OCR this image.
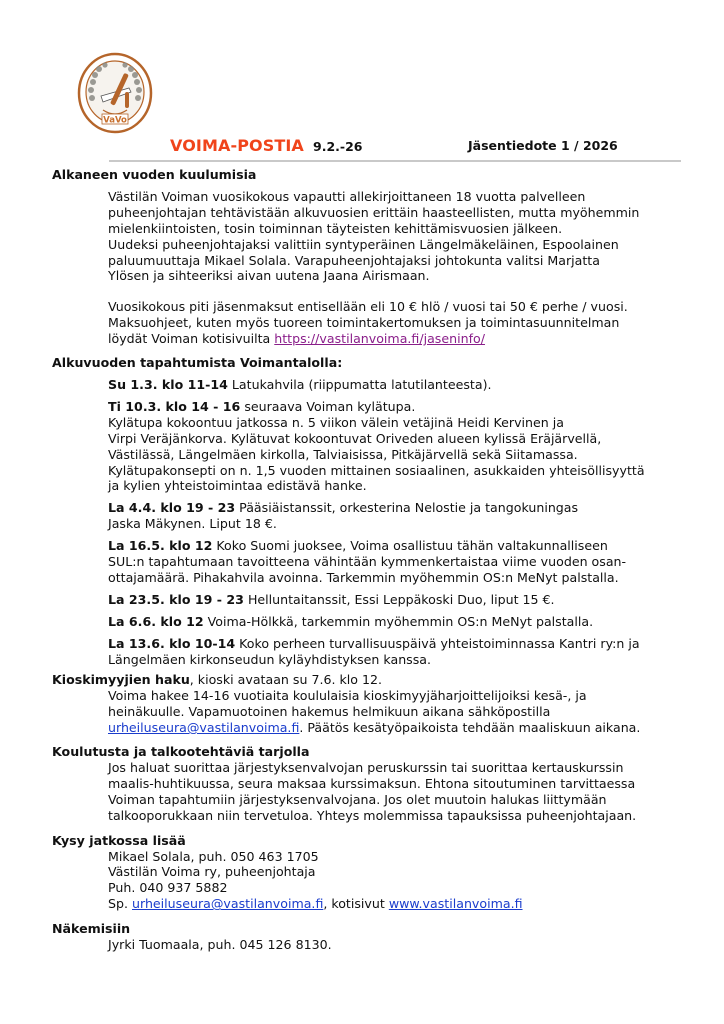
VaVo
VOIMA-POSTIA 9.2.-26	Jäsentiedote 1 / 2026

Alkaneen vuoden kuulumisia

Västilän Voiman vuosikokous vapautti allekirjoittaneen 18 vuotta palvelleen

puheenjohtajan tehtävistään alkuvuosien erittäin haasteellisten, mutta myöhemmin

mielenkiintoisten, tosin toiminnan täyteisten kehittämisvuosien jälkeen.

Uudeksi puheenjohtajaksi valittiin syntyperäinen Längelmäkeläinen, Espoolainen

paluumuuttaja Mikael Solala. Varapuheenjohtajaksi johtokunta valitsi Marjatta

Ylösen ja sihteeriksi aivan uutena Jaana Airismaan.

Vuosikokous piti jäsenmaksut entisellään eli 10 € hlö / vuosi tai 50 € perhe / vuosi.

Maksuohjeet, kuten myös tuoreen toimintakertomuksen ja toimintasuunnitelman

löydät Voiman kotisivuilta https://vastilanvoima.fi/jaseninfo/

Alkuvuoden tapahtumista Voimantalolla:

Su 1.3. klo 11-14 Latukahvila (riippumatta latutilanteesta).

Ti 10.3. klo 14 - 16 seuraava Voiman kylätupa.

Kylätupa kokoontuu jatkossa n. 5 viikon välein vetäjinä Heidi Kervinen ja

Virpi Veräjänkorva. Kylätuvat kokoontuvat Oriveden alueen kylissä Eräjärvellä,

Västilässä, Längelmäen kirkolla, Talviaisissa, Pitkäjärvellä sekä Siitamassa.

Kylätupakonsepti on n. 1,5 vuoden mittainen sosiaalinen, asukkaiden yhteisöllisyyttä

ja kylien yhteistoimintaa edistävä hanke.

La 4.4. klo 19 - 23 Pääsiäistanssit, orkesterina Nelostie ja tangokuningas

Jaska Mäkynen. Liput 18 €.

La 16.5. klo 12 Koko Suomi juoksee, Voima osallistuu tähän valtakunnalliseen

SUL:n tapahtumaan tavoitteena vähintään kymmenkertaistaa viime vuoden osan-

ottajamäärä. Pihakahvila avoinna. Tarkemmin myöhemmin OS:n MeNyt palstalla.

La 23.5. klo 19 - 23 Helluntaitanssit, Essi Leppäkoski Duo, liput 15 €.

La 6.6. klo 12 Voima-Hölkkä, tarkemmin myöhemmin OS:n MeNyt palstalla.

La 13.6. klo 10-14 Koko perheen turvallisuuspäivä yhteistoiminnassa Kantri ry:n ja

Längelmäen kirkonseudun kyläyhdistyksen kanssa.

Kioskimyyjien haku, kioski avataan su 7.6. klo 12.

Voima hakee 14-16 vuotiaita koululaisia kioskimyyjäharjoittelijoiksi kesä-, ja

heinäkuulle. Vapamuotoinen hakemus helmikuun aikana sähköpostilla

urheiluseura@vastilanvoima.fi. Päätös kesätyöpaikoista tehdään maaliskuun aikana.

Koulutusta ja talkootehtäviä tarjolla

Jos haluat suorittaa järjestyksenvalvojan peruskurssin tai suorittaa kertauskurssin

maalis-huhtikuussa, seura maksaa kurssimaksun. Ehtona sitoutuminen tarvittaessa

Voiman tapahtumiin järjestyksenvalvojana. Jos olet muutoin halukas liittymään

talkooporukkaan niin tervetuloa. Yhteys molemmissa tapauksissa puheenjohtajaan.

Kysy jatkossa lisää

Mikael Solala, puh. 050 463 1705

Västilän Voima ry, puheenjohtaja

Puh. 040 937 5882

Sp. urheiluseura@vastilanvoima.fi, kotisivut www.vastilanvoima.fi

Näkemisiin

Jyrki Tuomaala, puh. 045 126 8130.
